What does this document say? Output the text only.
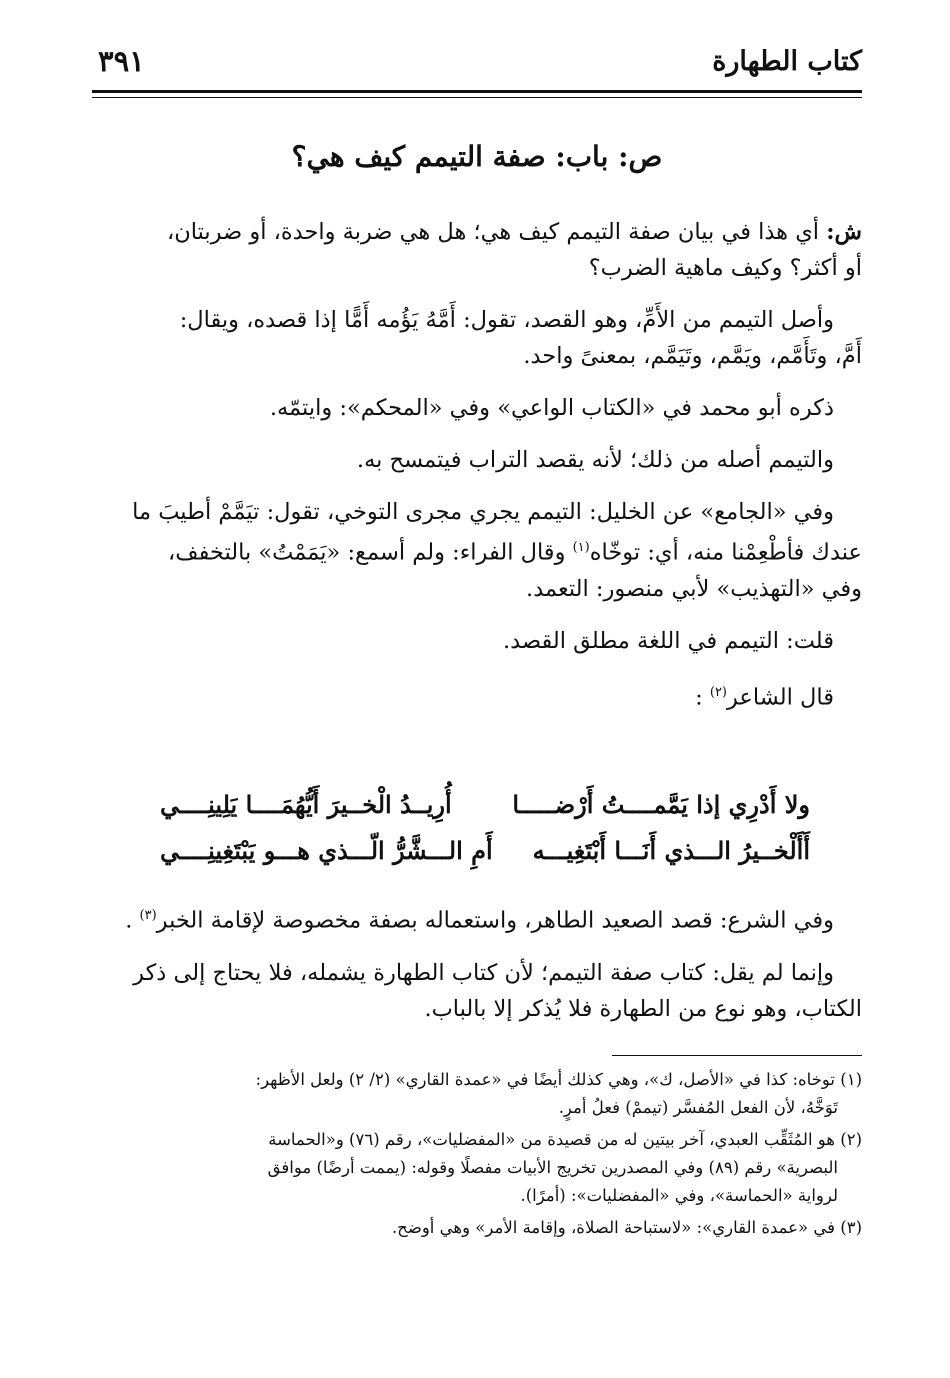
كتاب الطهارة
٣٩١
ص: باب: صفة التيمم كيف هي؟

ش: أي هذا في بيان صفة التيمم كيف هي؛ هل هي ضربة واحدة، أو ضربتان،

أو أكثر؟ وكيف ماهية الضرب؟

وأصل التيمم من الأَمِّ، وهو القصد، تقول: أَمَّهُ يَؤُمه أَمًّا إذا قصده، ويقال:

أَمَّ، وتَأَمَّم، ويَمَّم، وتَيَمَّم، بمعنىً واحد.

ذكره أبو محمد في «الكتاب الواعي» وفي «المحكم»: وايتمّه.

والتيمم أصله من ذلك؛ لأنه يقصد التراب فيتمسح به.

وفي «الجامع» عن الخليل: التيمم يجري مجرى التوخي، تقول: تيَمَّمْ أطيبَ ما

عندك فأطْعِمْنا منه، أي: توخّاه$^{(١)}$ وقال الفراء: ولم أسمع: «يَمَمْتُ» بالتخفف،

وفي «التهذيب» لأبي منصور: التعمد.

قلت: التيمم في اللغة مطلق القصد.

قال الشاعر$^{(٢)}$ :

ولا أَدْرِي إذا يَمَّمــــتُ أَرْضـــــا
أُرِيــدُ الْخــيرَ أَيُّهُمَــــا يَلِينِــــي
أَأَلْخــيرُ الـــذي أَنَـــا أَبْتَغِيـــه
أَمِ الـــشَّرُّ الّـــذي هـــو يَبْتَغِينِــــي

وفي الشرع: قصد الصعيد الطاهر، واستعماله بصفة مخصوصة لإقامة الخبر$^{(٣)}$ .

وإنما لم يقل: كتاب صفة التيمم؛ لأن كتاب الطهارة يشمله، فلا يحتاج إلى ذكر

الكتاب، وهو نوع من الطهارة فلا يُذكر إلا بالباب.

(١) توخاه: كذا في «الأصل، ك»، وهي كذلك أيضًا في «عمدة القاري» (٢/ ٢) ولعل الأظهر:
تَوَخَّهُ، لأن الفعل المُفسَّر (تيممْ) فعلُ أمرٍ.

(٢) هو المُثَقِّب العبدي، آخر بيتين له من قصيدة من «المفضليات»، رقم (٧٦) و«الحماسة
البصرية» رقم (٨٩) وفي المصدرين تخريج الأبيات مفصلًا وقوله: (يممت أرضًا) موافق
لرواية «الحماسة»، وفي «المفضليات»: (أمرًا).

(٣) في «عمدة القاري»: «لاستباحة الصلاة، وإقامة الأمر» وهي أوضح.
